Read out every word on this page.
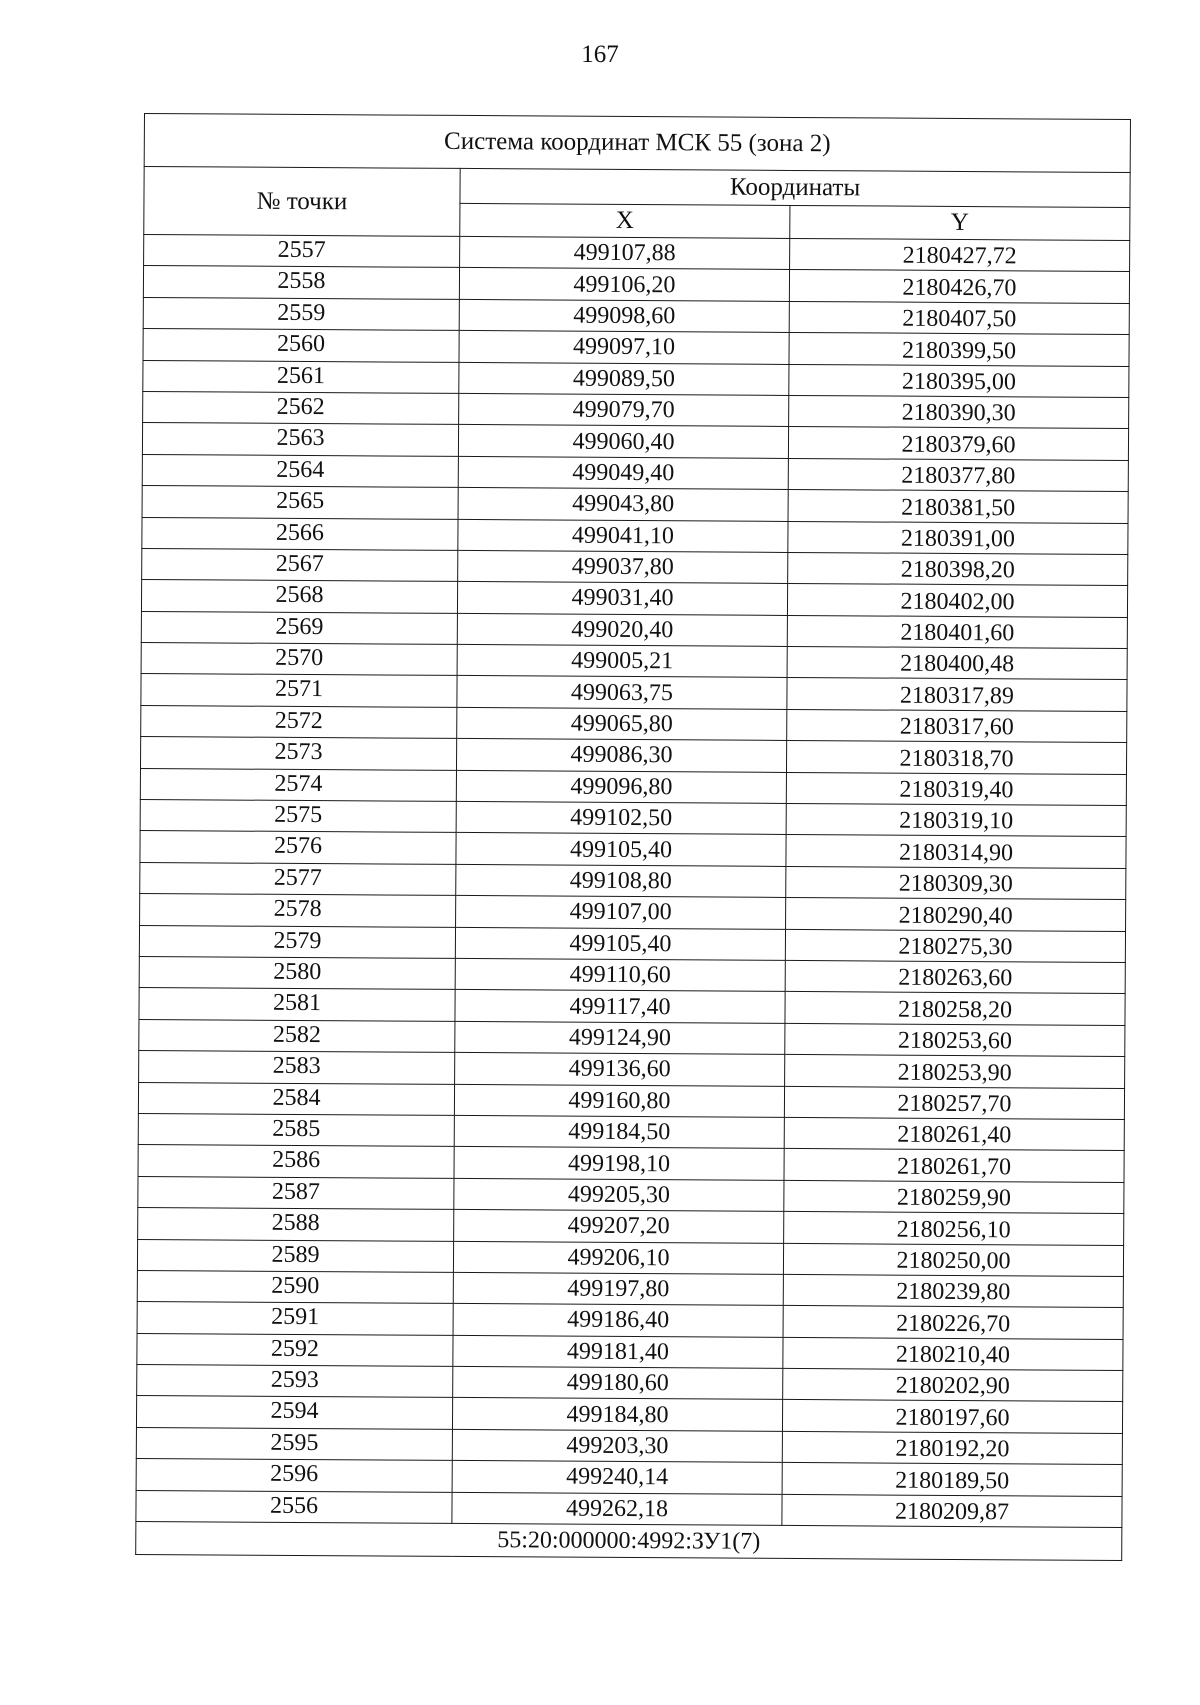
167
Система координат МСК 55 (зона 2)		
№ точки	Координаты	
	X	Y
2557	499107,88	2180427,72
2558	499106,20	2180426,70
2559	499098,60	2180407,50
2560	499097,10	2180399,50
2561	499089,50	2180395,00
2562	499079,70	2180390,30
2563	499060,40	2180379,60
2564	499049,40	2180377,80
2565	499043,80	2180381,50
2566	499041,10	2180391,00
2567	499037,80	2180398,20
2568	499031,40	2180402,00
2569	499020,40	2180401,60
2570	499005,21	2180400,48
2571	499063,75	2180317,89
2572	499065,80	2180317,60
2573	499086,30	2180318,70
2574	499096,80	2180319,40
2575	499102,50	2180319,10
2576	499105,40	2180314,90
2577	499108,80	2180309,30
2578	499107,00	2180290,40
2579	499105,40	2180275,30
2580	499110,60	2180263,60
2581	499117,40	2180258,20
2582	499124,90	2180253,60
2583	499136,60	2180253,90
2584	499160,80	2180257,70
2585	499184,50	2180261,40
2586	499198,10	2180261,70
2587	499205,30	2180259,90
2588	499207,20	2180256,10
2589	499206,10	2180250,00
2590	499197,80	2180239,80
2591	499186,40	2180226,70
2592	499181,40	2180210,40
2593	499180,60	2180202,90
2594	499184,80	2180197,60
2595	499203,30	2180192,20
2596	499240,14	2180189,50
2556	499262,18	2180209,87
55:20:000000:4992:ЗУ1(7)		
